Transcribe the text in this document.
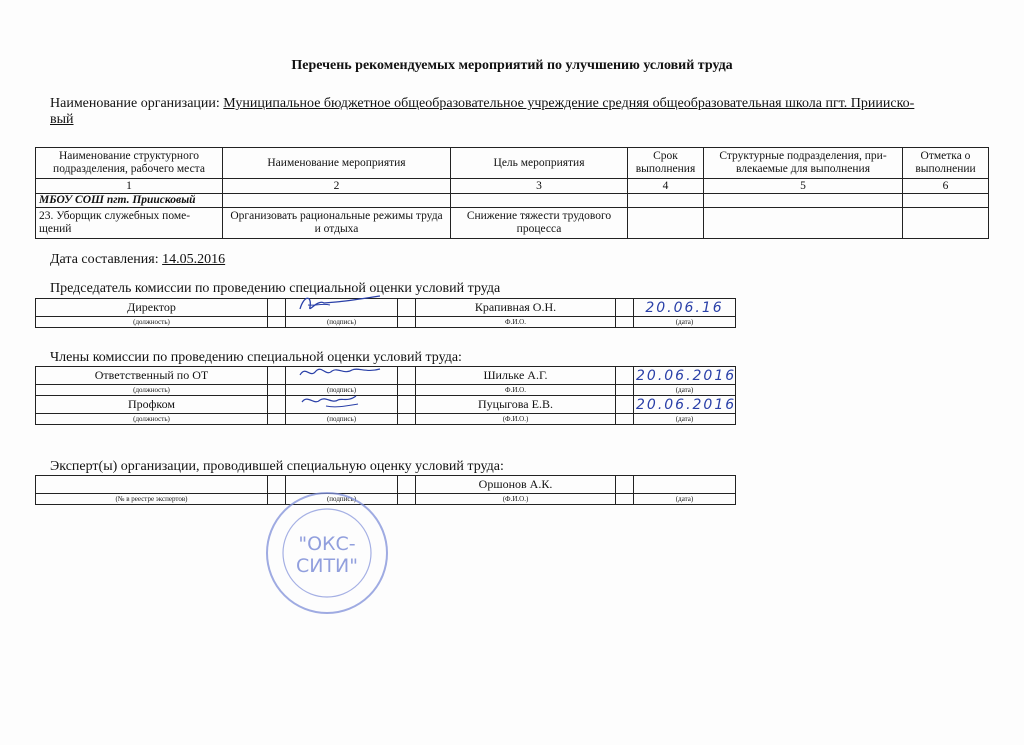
Перечень рекомендуемых мероприятий по улучшению условий труда
Наименование организации: Муниципальное бюджетное общеобразовательное учреждение средняя общеобразовательная школа пгт. Приииско-
вый
Наименование структурного подразделения, рабочего места	Наименование мероприятия	Цель мероприятия	Срок выполнения	Структурные подразделения, при-влекаемые для выполнения	Отметка о выполнении
1	2	3	4	5	6
МБОУ СОШ пгт. Приисковый					
23. Уборщик служебных поме-щений	Организовать рациональные режимы труда и отдыха	Снижение тяжести трудового процесса			
Дата составления: 14.05.2016
Председатель комиссии по проведению специальной оценки условий труда
Директор				Крапивная О.Н.		20.06.16
(должность)		(подпись)		Ф.И.О.		(дата)
Члены комиссии по проведению специальной оценки условий труда:
Ответственный по ОТ				Шильке А.Г.		20.06.2016
(должность)		(подпись)		Ф.И.О.		(дата)
Профком				Пуцыгова Е.В.		20.06.2016
(должность)		(подпись)		(Ф.И.О.)		(дата)
Эксперт(ы) организации, проводившей специальную оценку условий труда:
				Оршонов А.К.		
(№ в реестре экспертов)		(подпись)		(Ф.И.О.)		(дата)
"ОКС-
СИТИ"
